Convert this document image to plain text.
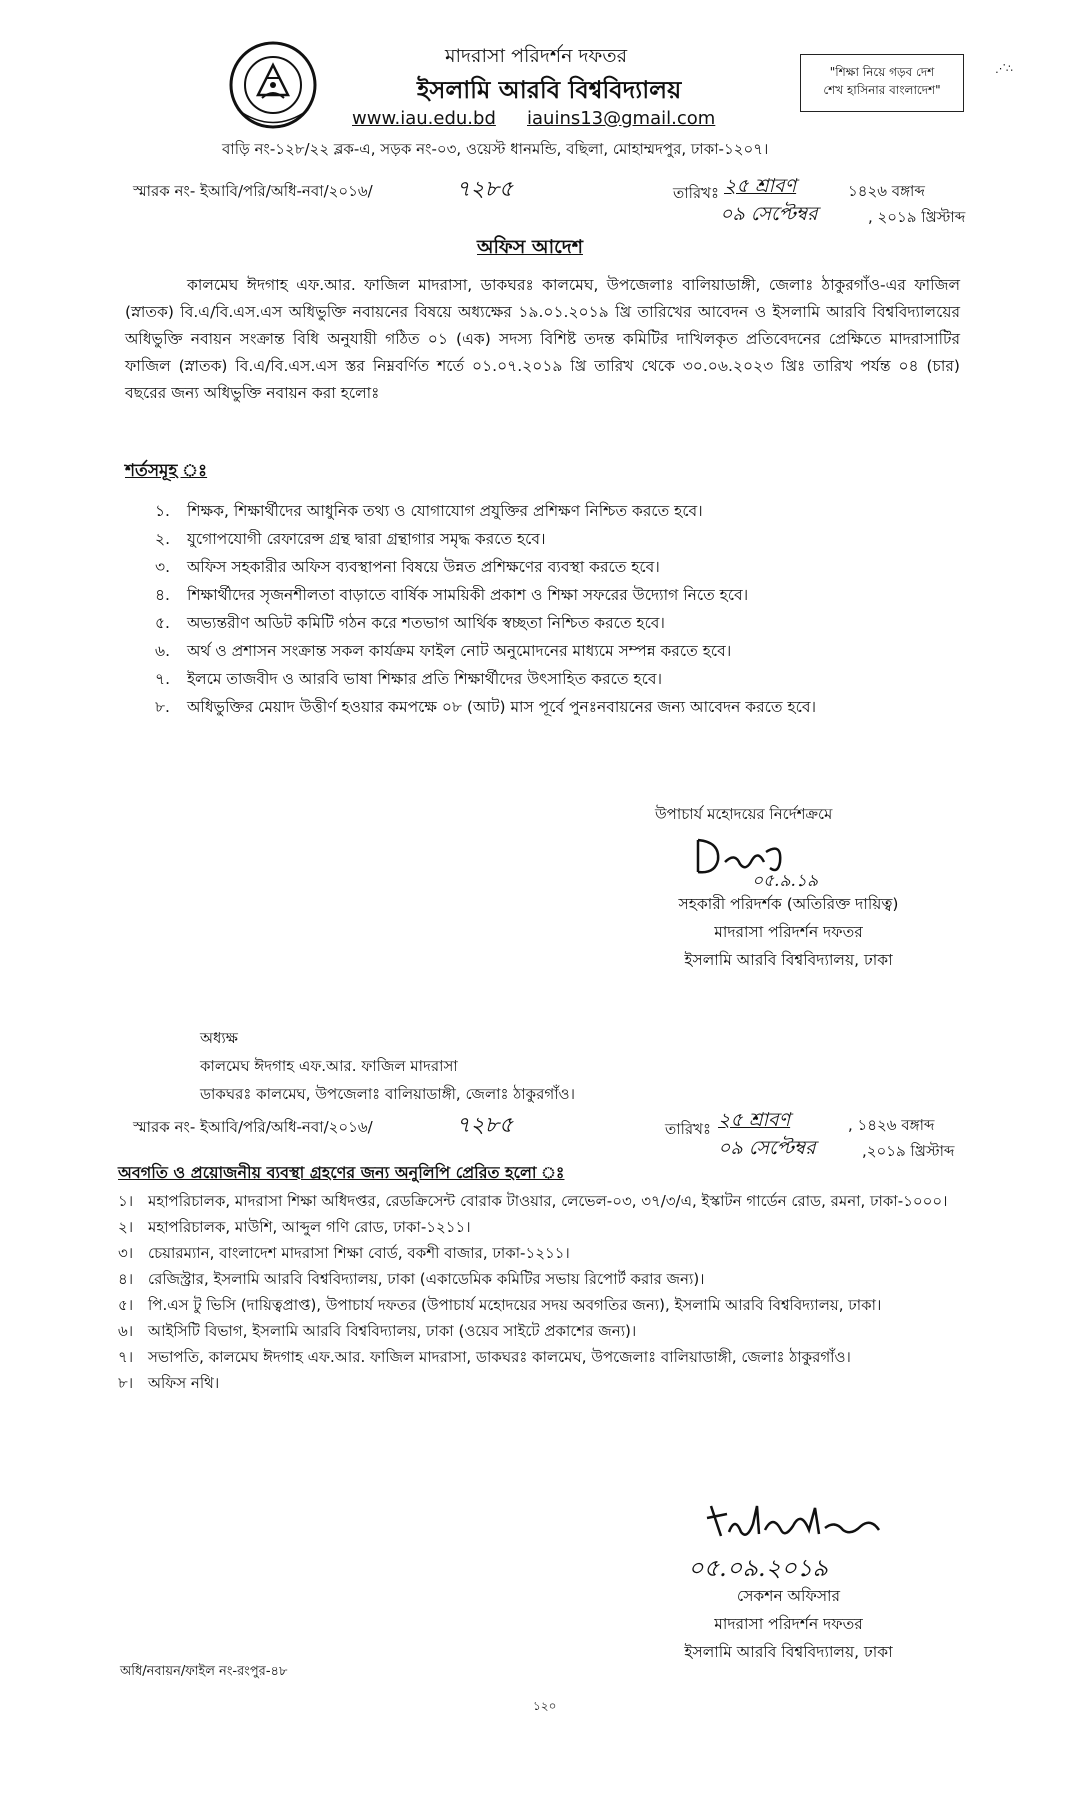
মাদরাসা পরিদর্শন দফতর
ইসলামি আরবি বিশ্ববিদ্যালয়
www.iau.edu.bd iauins13@gmail.com
বাড়ি নং-১২৮/২২ ব্লক-এ, সড়ক নং-০৩, ওয়েস্ট ধানমন্ডি, বছিলা, মোহাম্মদপুর, ঢাকা-১২০৭।
"শিক্ষা নিয়ে গড়ব দেশ
শেখ হাসিনার বাংলাদেশ"
⋰∴
স্মারক নং- ইআবি/পরি/অধি-নবা/২০১৬/	৭২৮৫	তারিখঃ ২৫ শ্রাবণ	১৪২৬ বঙ্গাব্দ
০৯ সেপ্টেম্বর	, ২০১৯ খ্রিস্টাব্দ
অফিস আদেশ

কালমেঘ ঈদগাহ এফ.আর. ফাজিল মাদরাসা, ডাকঘরঃ কালমেঘ, উপজেলাঃ বালিয়াডাঙ্গী, জেলাঃ ঠাকুরগাঁও-এর ফাজিল (স্নাতক) বি.এ/বি.এস.এস অধিভুক্তি নবায়নের বিষয়ে অধ্যক্ষের ১৯.০১.২০১৯ খ্রি তারিখের আবেদন ও ইসলামি আরবি বিশ্ববিদ্যালয়ের অধিভুক্তি নবায়ন সংক্রান্ত বিধি অনুযায়ী গঠিত ০১ (এক) সদস্য বিশিষ্ট তদন্ত কমিটির দাখিলকৃত প্রতিবেদনের প্রেক্ষিতে মাদরাসাটির ফাজিল (স্নাতক) বি.এ/বি.এস.এস স্তর নিম্নবর্ণিত শর্তে ০১.০৭.২০১৯ খ্রি তারিখ থেকে ৩০.০৬.২০২৩ খ্রিঃ তারিখ পর্যন্ত ০৪ (চার) বছরের জন্য অধিভুক্তি নবায়ন করা হলোঃ

শর্তসমূহ ঃ
১.	শিক্ষক, শিক্ষার্থীদের আধুনিক তথ্য ও যোগাযোগ প্রযুক্তির প্রশিক্ষণ নিশ্চিত করতে হবে।
২.	যুগোপযোগী রেফারেন্স গ্রন্থ দ্বারা গ্রন্থাগার সমৃদ্ধ করতে হবে।
৩.	অফিস সহকারীর অফিস ব্যবস্থাপনা বিষয়ে উন্নত প্রশিক্ষণের ব্যবস্থা করতে হবে।
৪.	শিক্ষার্থীদের সৃজনশীলতা বাড়াতে বার্ষিক সাময়িকী প্রকাশ ও শিক্ষা সফরের উদ্যোগ নিতে হবে।
৫.	অভ্যন্তরীণ অডিট কমিটি গঠন করে শতভাগ আর্থিক স্বচ্ছতা নিশ্চিত করতে হবে।
৬.	অর্থ ও প্রশাসন সংক্রান্ত সকল কার্যক্রম ফাইল নোট অনুমোদনের মাধ্যমে সম্পন্ন করতে হবে।
৭.	ইলমে তাজবীদ ও আরবি ভাষা শিক্ষার প্রতি শিক্ষার্থীদের উৎসাহিত করতে হবে।
৮.	অধিভুক্তির মেয়াদ উত্তীর্ণ হওয়ার কমপক্ষে ০৮ (আট) মাস পূর্বে পুনঃনবায়নের জন্য আবেদন করতে হবে।
উপাচার্য মহোদয়ের নির্দেশক্রমে
০৫.৯.১৯
সহকারী পরিদর্শক (অতিরিক্ত দায়িত্ব)
মাদরাসা পরিদর্শন দফতর
ইসলামি আরবি বিশ্ববিদ্যালয়, ঢাকা
অধ্যক্ষ
কালমেঘ ঈদগাহ এফ.আর. ফাজিল মাদরাসা
ডাকঘরঃ কালমেঘ, উপজেলাঃ বালিয়াডাঙ্গী, জেলাঃ ঠাকুরগাঁও।
স্মারক নং- ইআবি/পরি/অধি-নবা/২০১৬/	৭২৮৫	তারিখঃ ২৫ শ্রাবণ	, ১৪২৬ বঙ্গাব্দ
০৯ সেপ্টেম্বর	,২০১৯ খ্রিস্টাব্দ
অবগতি ও প্রয়োজনীয় ব্যবস্থা গ্রহণের জন্য অনুলিপি প্রেরিত হলো ঃ
১। মহাপরিচালক, মাদরাসা শিক্ষা অধিদপ্তর, রেডক্রিসেন্ট বোরাক টাওয়ার, লেভেল-০৩, ৩৭/৩/এ, ইস্কাটন গার্ডেন রোড, রমনা, ঢাকা-১০০০।
২। মহাপরিচালক, মাউশি, আব্দুল গণি রোড, ঢাকা-১২১১।
৩। চেয়ারম্যান, বাংলাদেশ মাদরাসা শিক্ষা বোর্ড, বকশী বাজার, ঢাকা-১২১১।
৪। রেজিস্ট্রার, ইসলামি আরবি বিশ্ববিদ্যালয়, ঢাকা (একাডেমিক কমিটির সভায় রিপোর্ট করার জন্য)।
৫। পি.এস টু ভিসি (দায়িত্বপ্রাপ্ত), উপাচার্য দফতর (উপাচার্য মহোদয়ের সদয় অবগতির জন্য), ইসলামি আরবি বিশ্ববিদ্যালয়, ঢাকা।
৬। আইসিটি বিভাগ, ইসলামি আরবি বিশ্ববিদ্যালয়, ঢাকা (ওয়েব সাইটে প্রকাশের জন্য)।
৭। সভাপতি, কালমেঘ ঈদগাহ এফ.আর. ফাজিল মাদরাসা, ডাকঘরঃ কালমেঘ, উপজেলাঃ বালিয়াডাঙ্গী, জেলাঃ ঠাকুরগাঁও।
৮। অফিস নথি।
০৫.০৯.২০১৯
সেকশন অফিসার
মাদরাসা পরিদর্শন দফতর
ইসলামি আরবি বিশ্ববিদ্যালয়, ঢাকা
অধি/নবায়ন/ফাইল নং-রংপুর-৪৮
১২০
